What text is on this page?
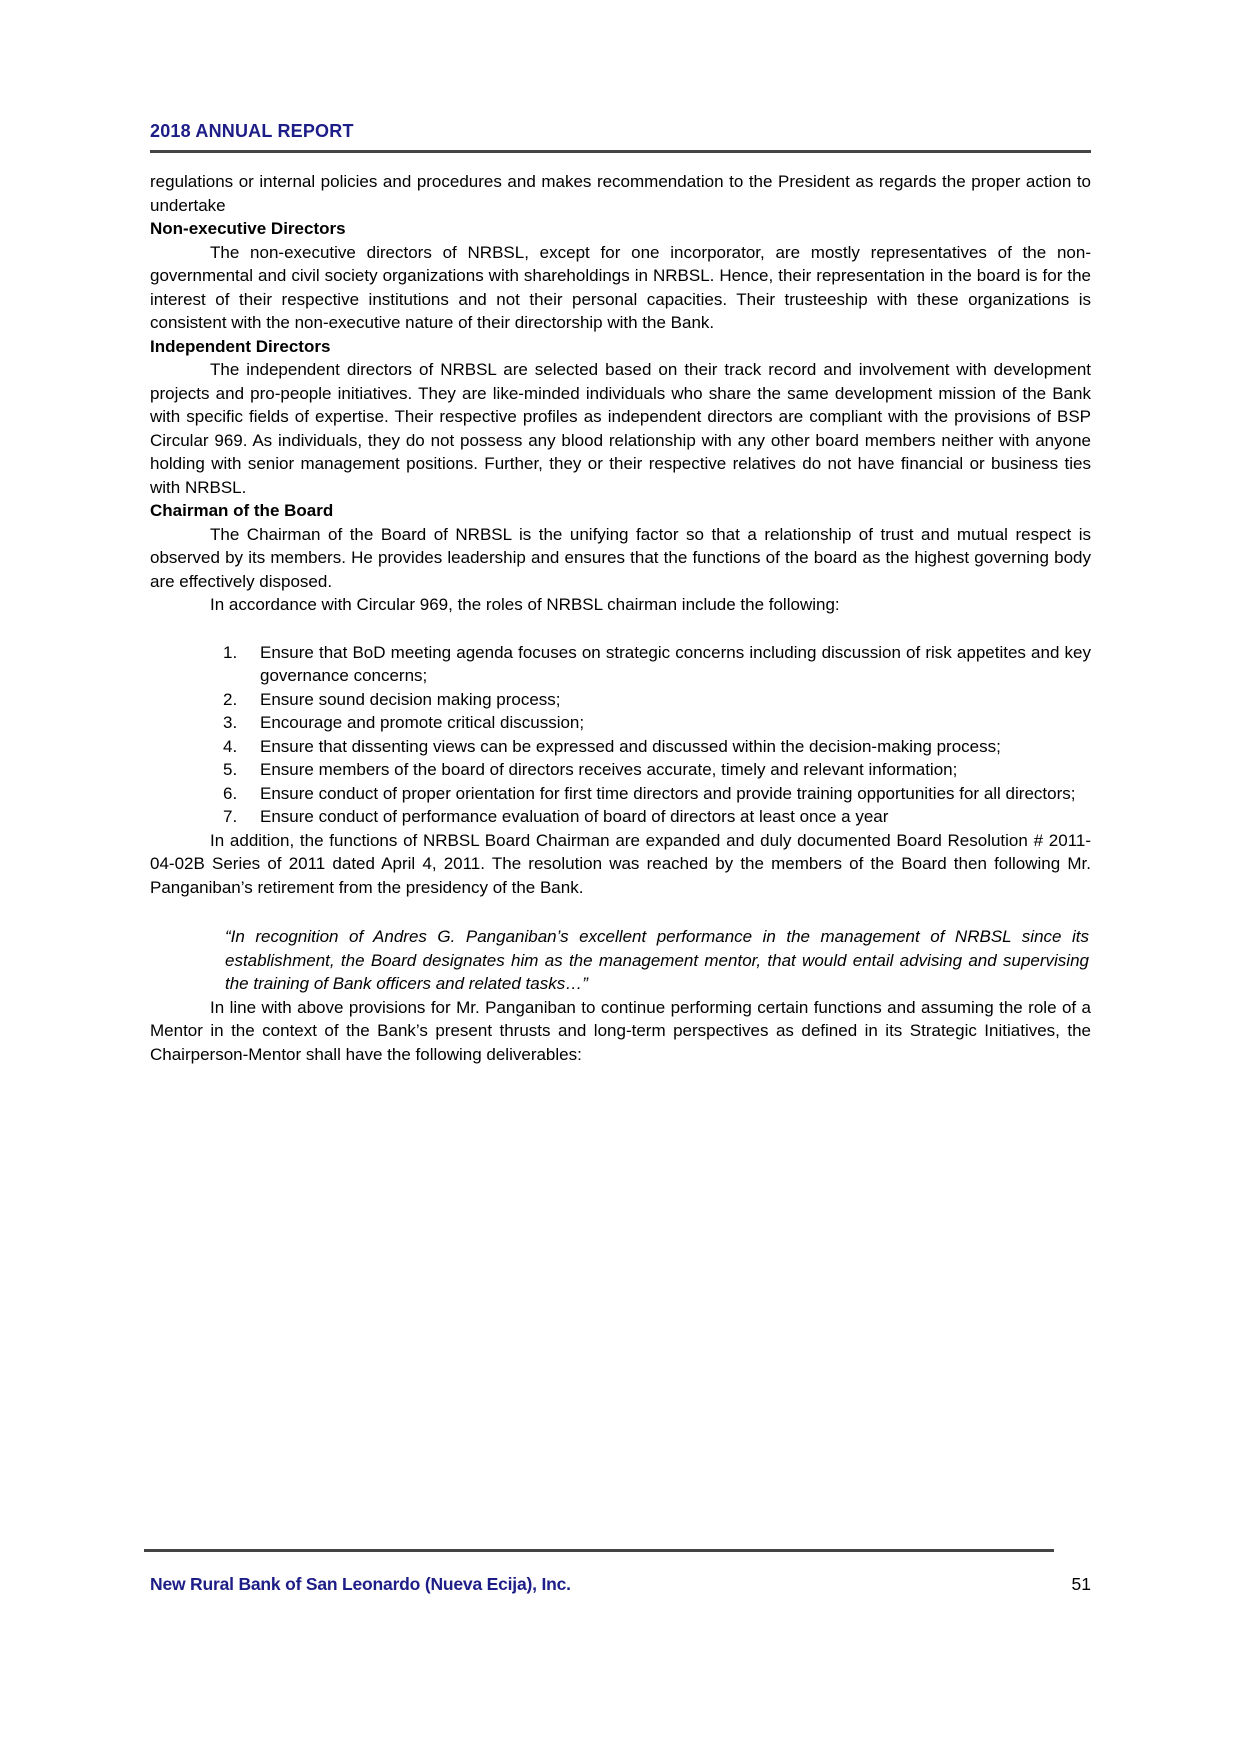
2018 ANNUAL REPORT

regulations or internal policies and procedures and makes recommendation to the President as regards the proper action to undertake

Non-executive Directors

The non-executive directors of NRBSL, except for one incorporator, are mostly representatives of the non-governmental and civil society organizations with shareholdings in NRBSL. Hence, their representation in the board is for the interest of their respective institutions and not their personal capacities. Their trusteeship with these organizations is consistent with the non-executive nature of their directorship with the Bank.

Independent Directors

The independent directors of NRBSL are selected based on their track record and involvement with development projects and pro-people initiatives. They are like-minded individuals who share the same development mission of the Bank with specific fields of expertise. Their respective profiles as independent directors are compliant with the provisions of BSP Circular 969. As individuals, they do not possess any blood relationship with any other board members neither with anyone holding with senior management positions. Further, they or their respective relatives do not have financial or business ties with NRBSL.

Chairman of the Board

The Chairman of the Board of NRBSL is the unifying factor so that a relationship of trust and mutual respect is observed by its members. He provides leadership and ensures that the functions of the board as the highest governing body are effectively disposed.

In accordance with Circular 969, the roles of NRBSL chairman include the following:

Ensure that BoD meeting agenda focuses on strategic concerns including discussion of risk appetites and key governance concerns;
Ensure sound decision making process;
Encourage and promote critical discussion;
Ensure that dissenting views can be expressed and discussed within the decision-making process;
Ensure members of the board of directors receives accurate, timely and relevant information;
Ensure conduct of proper orientation for first time directors and provide training opportunities for all directors;
Ensure conduct of performance evaluation of board of directors at least once a year

In addition, the functions of NRBSL Board Chairman are expanded and duly documented Board Resolution # 2011-04-02B Series of 2011 dated April 4, 2011. The resolution was reached by the members of the Board then following Mr. Panganiban’s retirement from the presidency of the Bank.

“In recognition of Andres G. Panganiban’s excellent performance in the management of NRBSL since its establishment, the Board designates him as the management mentor, that would entail advising and supervising the training of Bank officers and related tasks…”

In line with above provisions for Mr. Panganiban to continue performing certain functions and assuming the role of a Mentor in the context of the Bank’s present thrusts and long-term perspectives as defined in its Strategic Initiatives, the Chairperson-Mentor shall have the following deliverables:

New Rural Bank of San Leonardo (Nueva Ecija), Inc.	51
